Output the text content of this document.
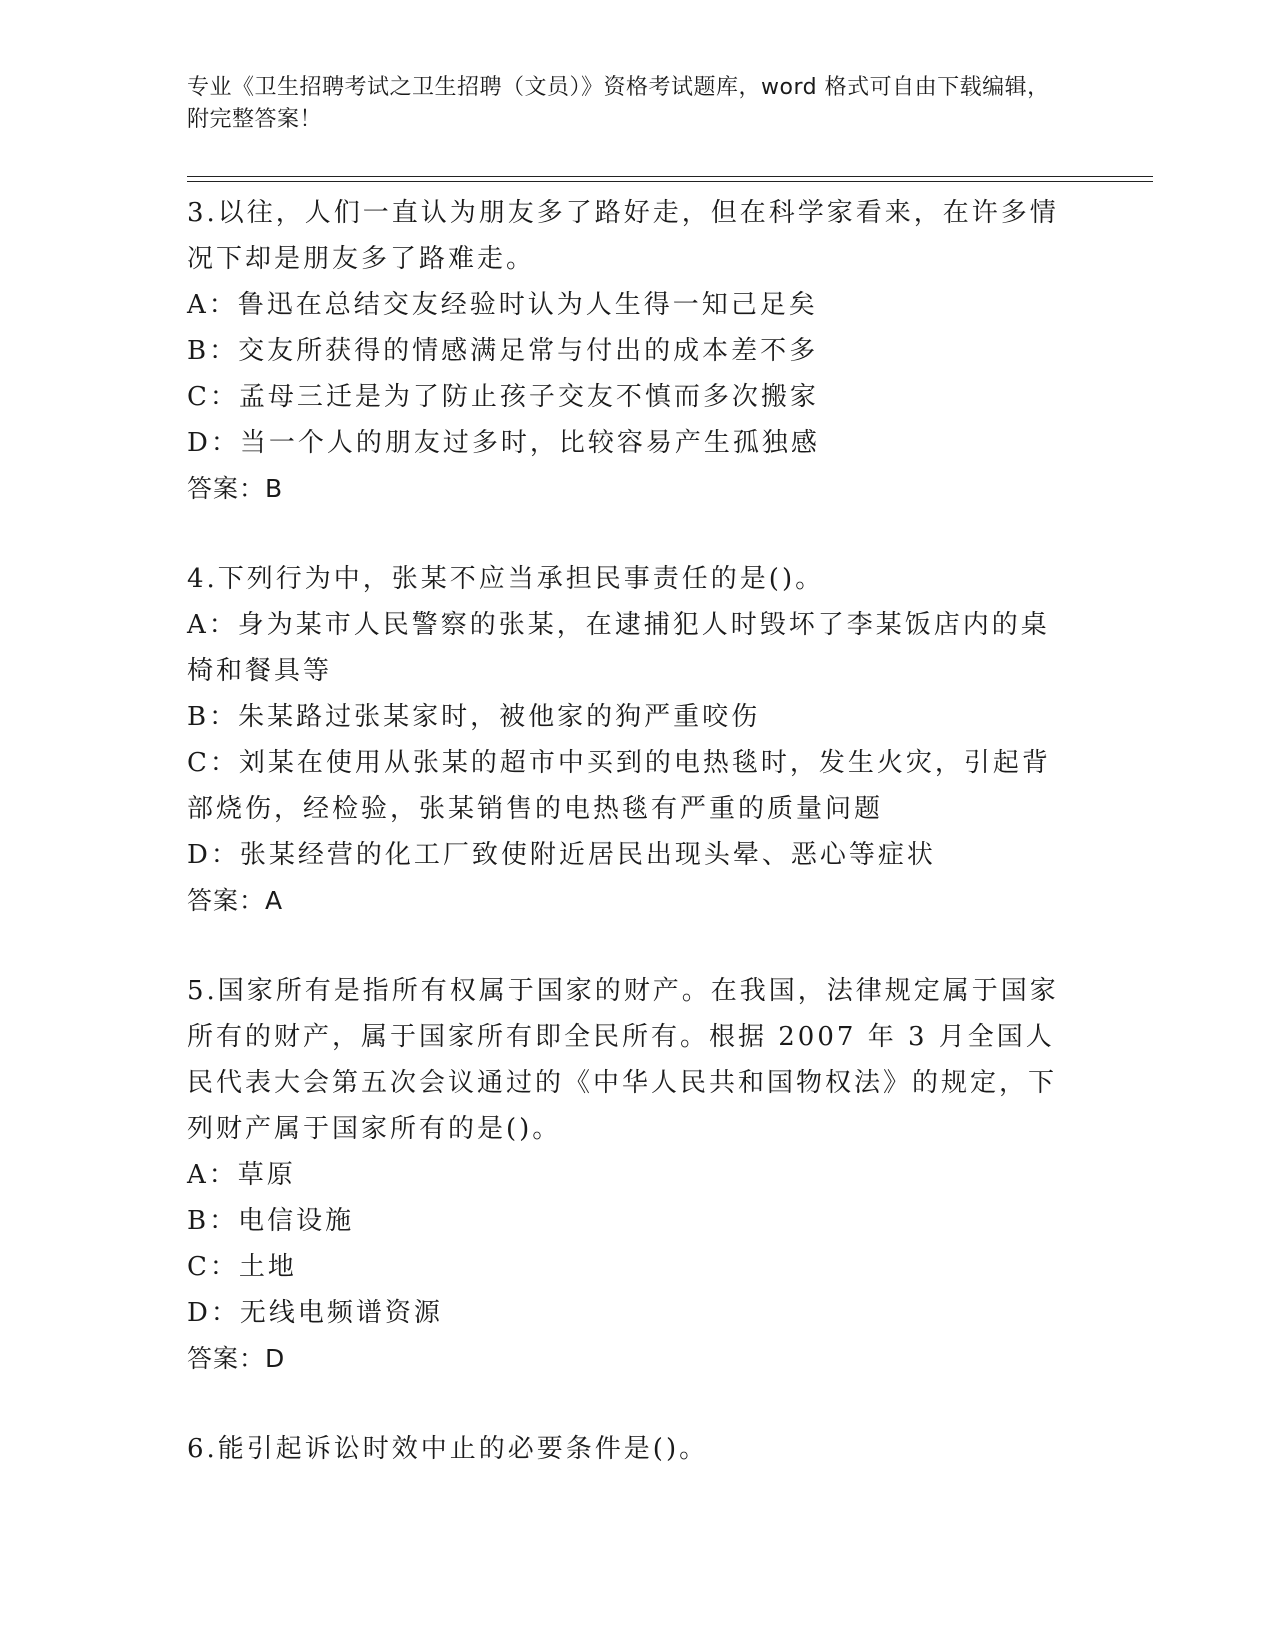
专业《卫生招聘考试之卫生招聘（文员）》资格考试题库，word 格式可自由下载编辑，附完整答案！
3.以往，人们一直认为朋友多了路好走，但在科学家看来，在许多情况下却是朋友多了路难走。
A：鲁迅在总结交友经验时认为人生得一知己足矣
B：交友所获得的情感满足常与付出的成本差不多
C：孟母三迁是为了防止孩子交友不慎而多次搬家
D：当一个人的朋友过多时，比较容易产生孤独感
答案：B
4.下列行为中，张某不应当承担民事责任的是()。
A：身为某市人民警察的张某，在逮捕犯人时毁坏了李某饭店内的桌椅和餐具等
B：朱某路过张某家时，被他家的狗严重咬伤
C：刘某在使用从张某的超市中买到的电热毯时，发生火灾，引起背部烧伤，经检验，张某销售的电热毯有严重的质量问题
D：张某经营的化工厂致使附近居民出现头晕、恶心等症状
答案：A
5.国家所有是指所有权属于国家的财产。在我国，法律规定属于国家所有的财产，属于国家所有即全民所有。根据 2007 年 3 月全国人民代表大会第五次会议通过的《中华人民共和国物权法》的规定，下列财产属于国家所有的是()。
A：草原
B：电信设施
C：土地
D：无线电频谱资源
答案：D
6.能引起诉讼时效中止的必要条件是()。
